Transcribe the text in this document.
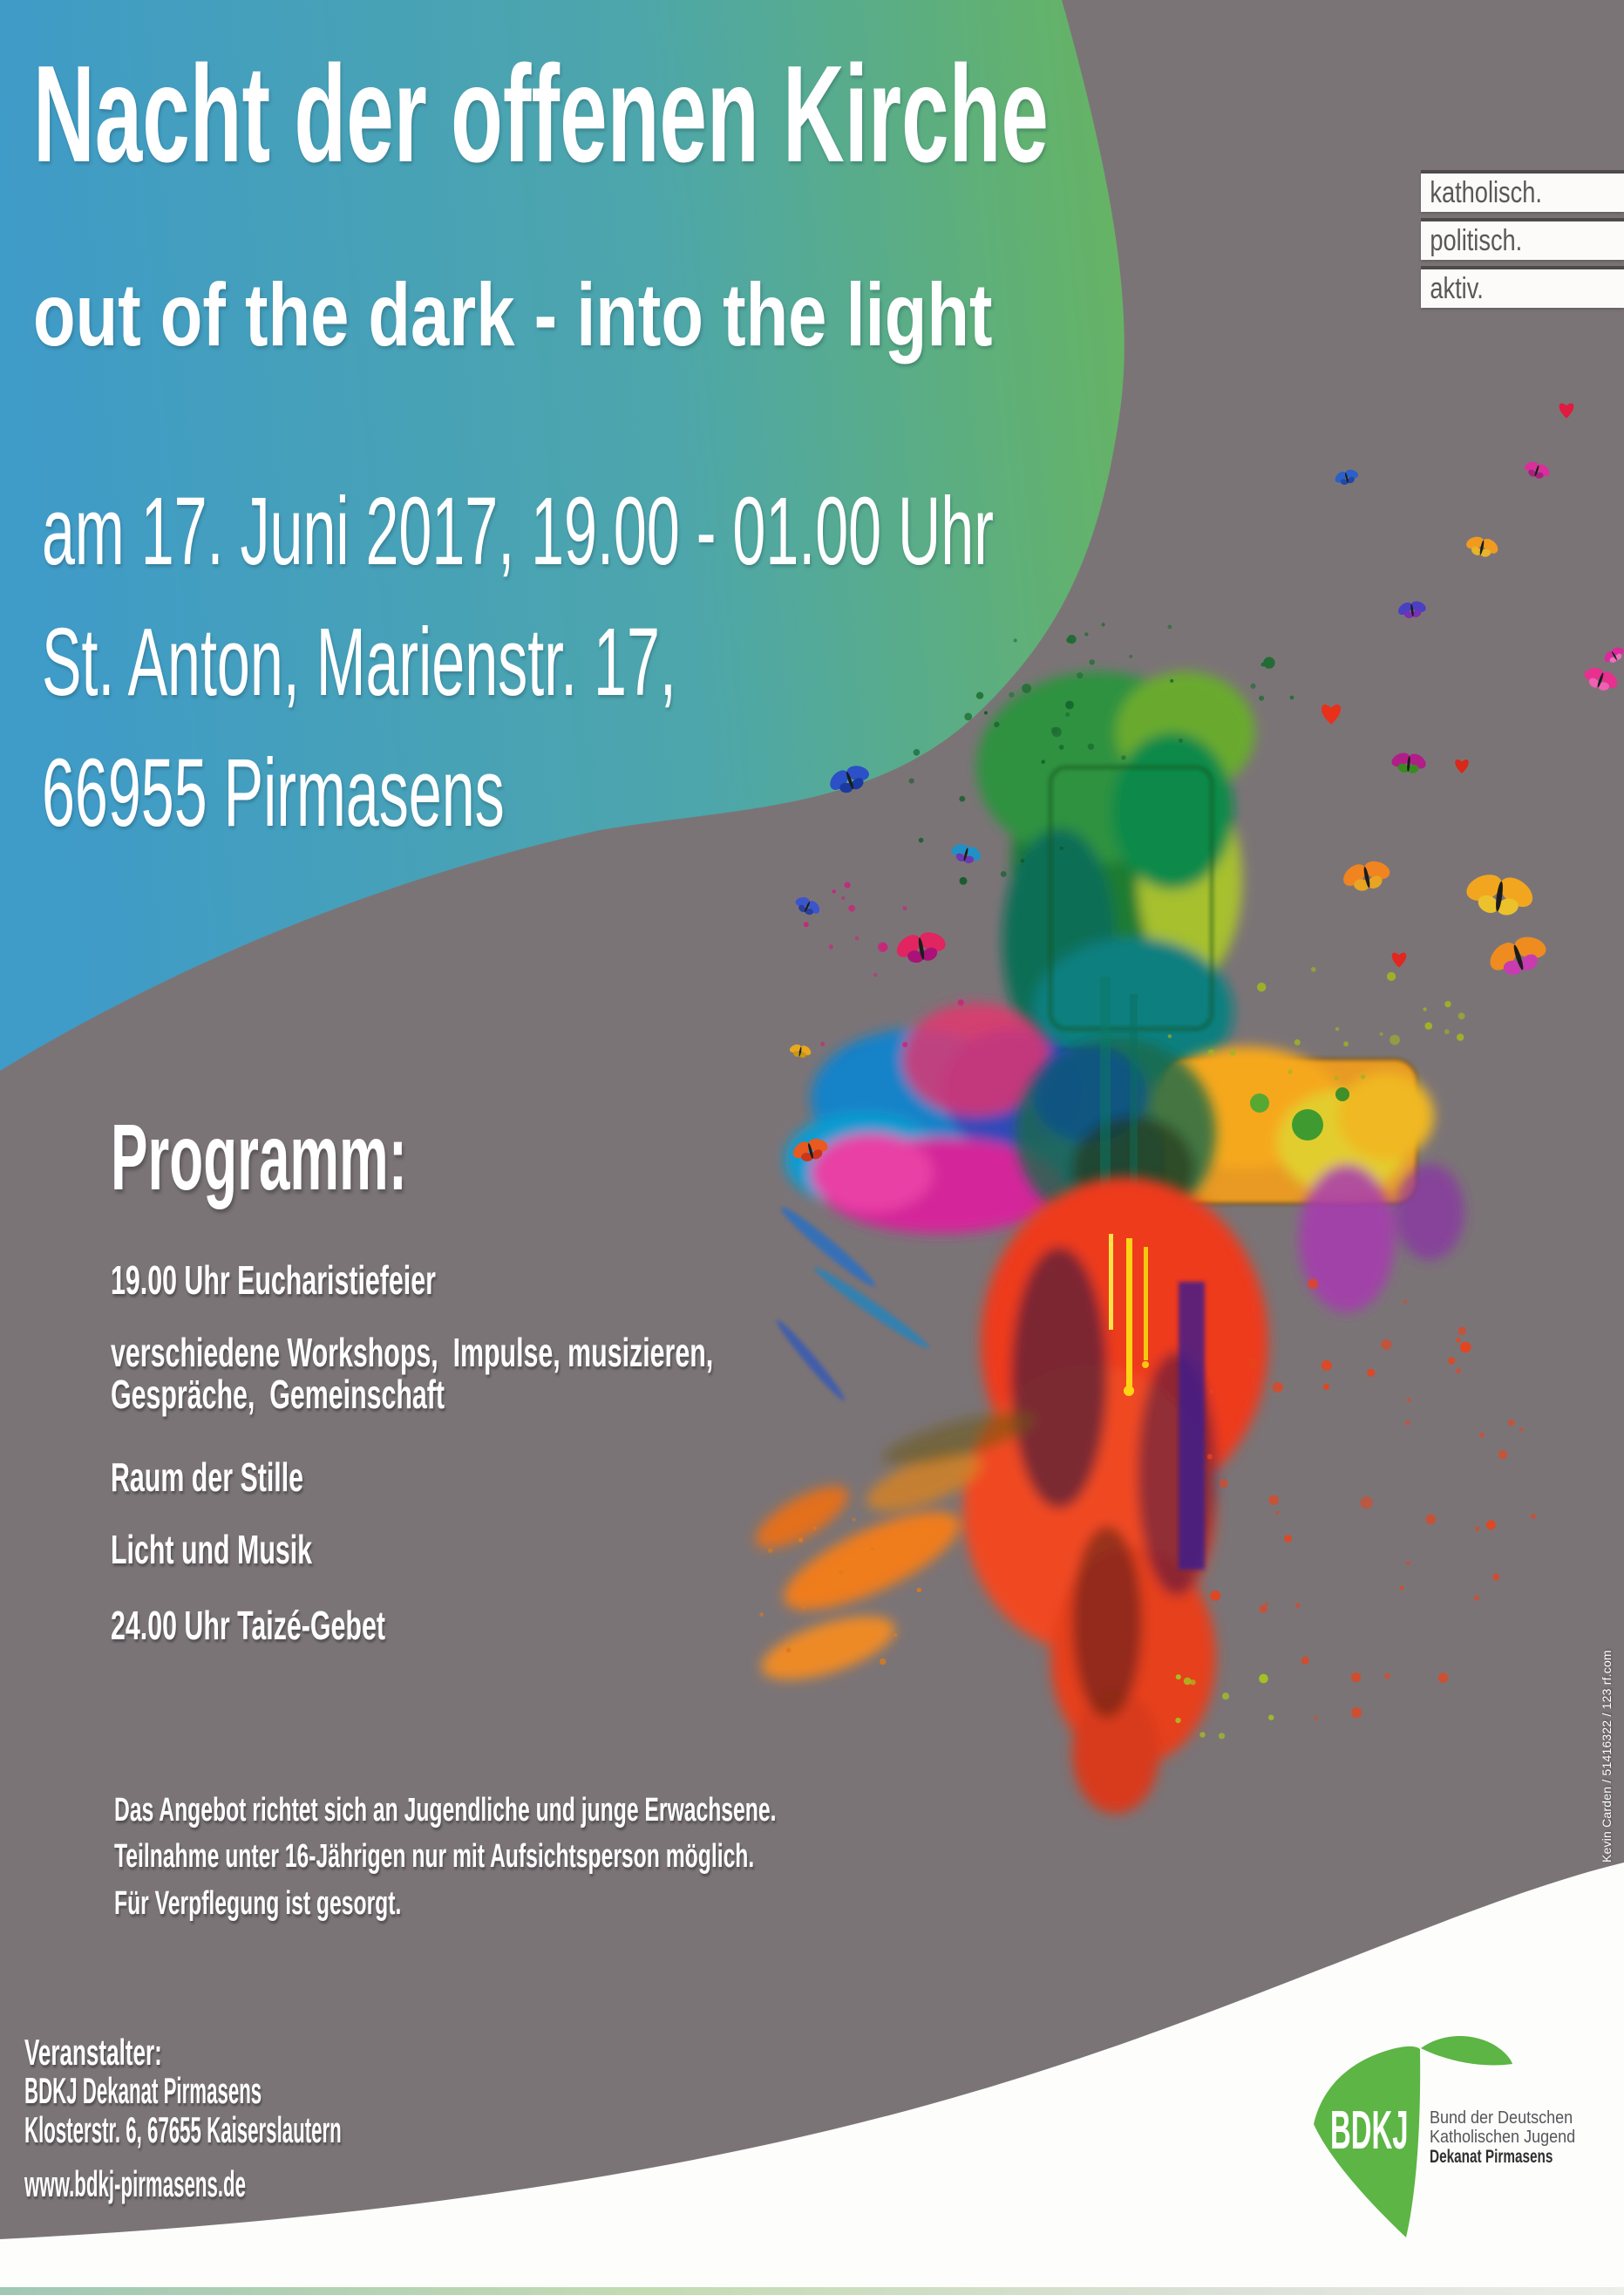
Nacht der offenen Kirche
out of the dark - into the light
am 17. Juni 2017, 19.00 - 01.00 Uhr
St. Anton, Marienstr. 17,
66955 Pirmasens
katholisch.
politisch.
aktiv.
Programm:
19.00 Uhr Eucharistiefeier
verschiedene Workshops,  Impulse, musizieren,
Gespräche,  Gemeinschaft
Raum der Stille
Licht und Musik
24.00 Uhr Taizé-Gebet
Das Angebot richtet sich an Jugendliche und junge Erwachsene.
Teilnahme unter 16-Jährigen nur mit Aufsichtsperson möglich.
Für Verpflegung ist gesorgt.
Veranstalter:
BDKJ Dekanat Pirmasens
Klosterstr. 6, 67655 Kaiserslautern
www.bdkj-pirmasens.de
Kevin Carden / 51416322 / 123 rf.com
BDKJ Bund der Deutschen
Katholischen Jugend
Dekanat Pirmasens
